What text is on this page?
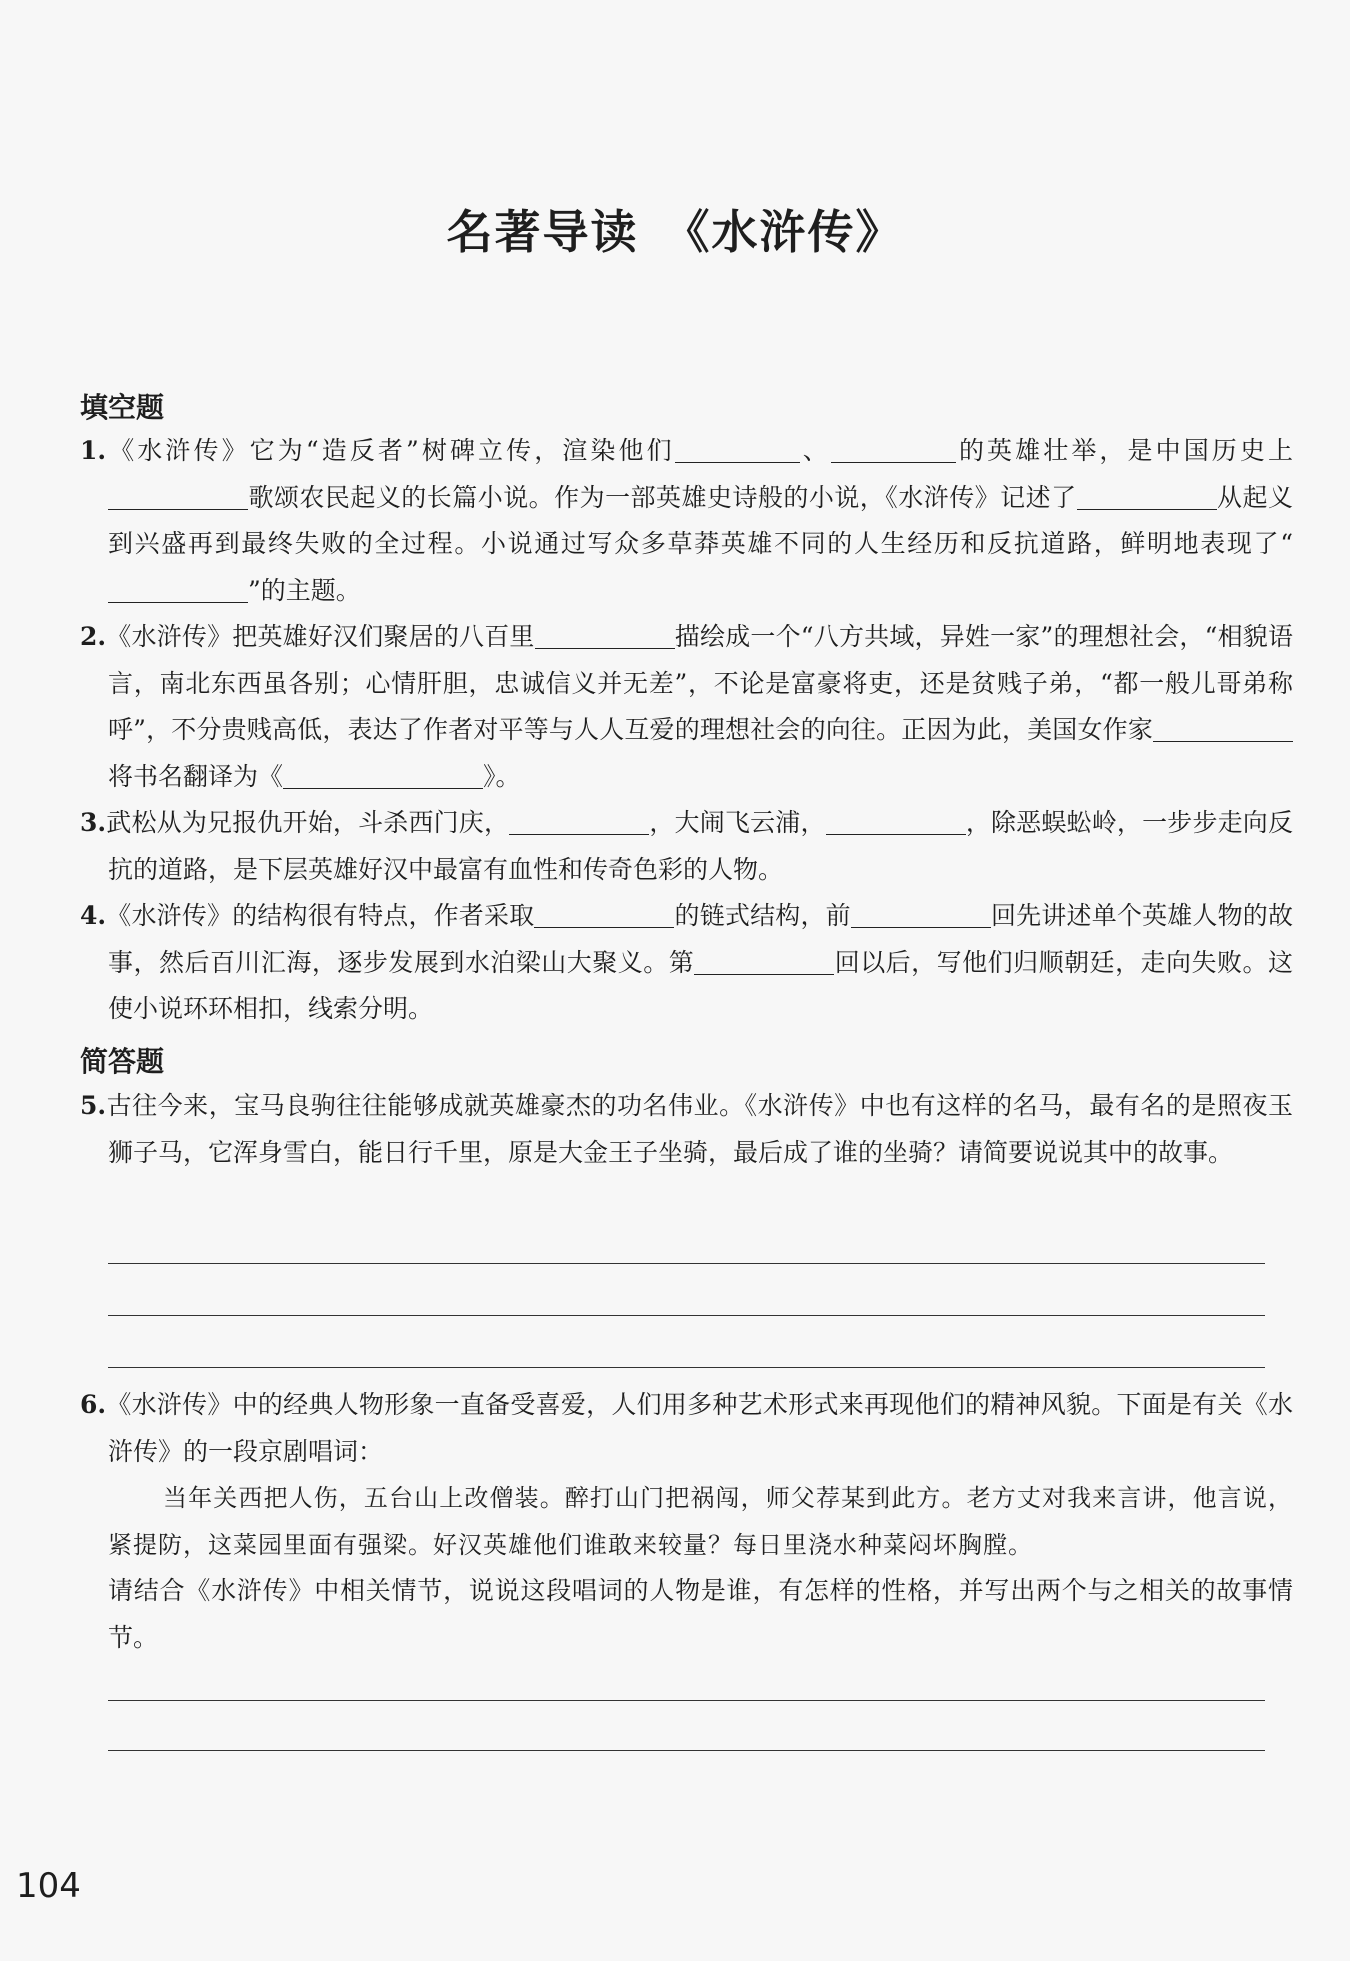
名著导读　《水浒传》
填空题
1.《水浒传》它为“造反者”树碑立传，渲染他们	、	的英雄壮举，是中国历史上歌颂农民起义的长篇小说。作为一部英雄史诗般的小说，《水浒传》记述了	从起义到兴盛再到最终失败的全过程。小说通过写众多草莽英雄不同的人生经历和反抗道路，鲜明地表现了“”的主题。
2.《水浒传》把英雄好汉们聚居的八百里	描绘成一个“八方共域，异姓一家”的理想社会，“相貌语言，南北东西虽各别；心情肝胆，忠诚信义并无差”，不论是富豪将吏，还是贫贱子弟，“都一般儿哥弟称呼”，不分贵贱高低，表达了作者对平等与人人互爱的理想社会的向往。正因为此，美国女作家将书名翻译为《	》。
3.武松从为兄报仇开始，斗杀西门庆，	，大闹飞云浦，	，除恶蜈蚣岭，一步步走向反抗的道路，是下层英雄好汉中最富有血性和传奇色彩的人物。
4.《水浒传》的结构很有特点，作者采取	的链式结构，前	回先讲述单个英雄人物的故事，然后百川汇海，逐步发展到水泊梁山大聚义。第	回以后，写他们归顺朝廷，走向失败。这使小说环环相扣，线索分明。
简答题
5.古往今来，宝马良驹往往能够成就英雄豪杰的功名伟业。《水浒传》中也有这样的名马，最有名的是照夜玉狮子马，它浑身雪白，能日行千里，原是大金王子坐骑，最后成了谁的坐骑？请简要说说其中的故事。
6.《水浒传》中的经典人物形象一直备受喜爱，人们用多种艺术形式来再现他们的精神风貌。下面是有关《水浒传》的一段京剧唱词：
当年关西把人伤，五台山上改僧装。醉打山门把祸闯，师父荐某到此方。老方丈对我来言讲，他言说，紧提防，这菜园里面有强梁。好汉英雄他们谁敢来较量？每日里浇水种菜闷坏胸膛。
请结合《水浒传》中相关情节，说说这段唱词的人物是谁，有怎样的性格，并写出两个与之相关的故事情节。
104
